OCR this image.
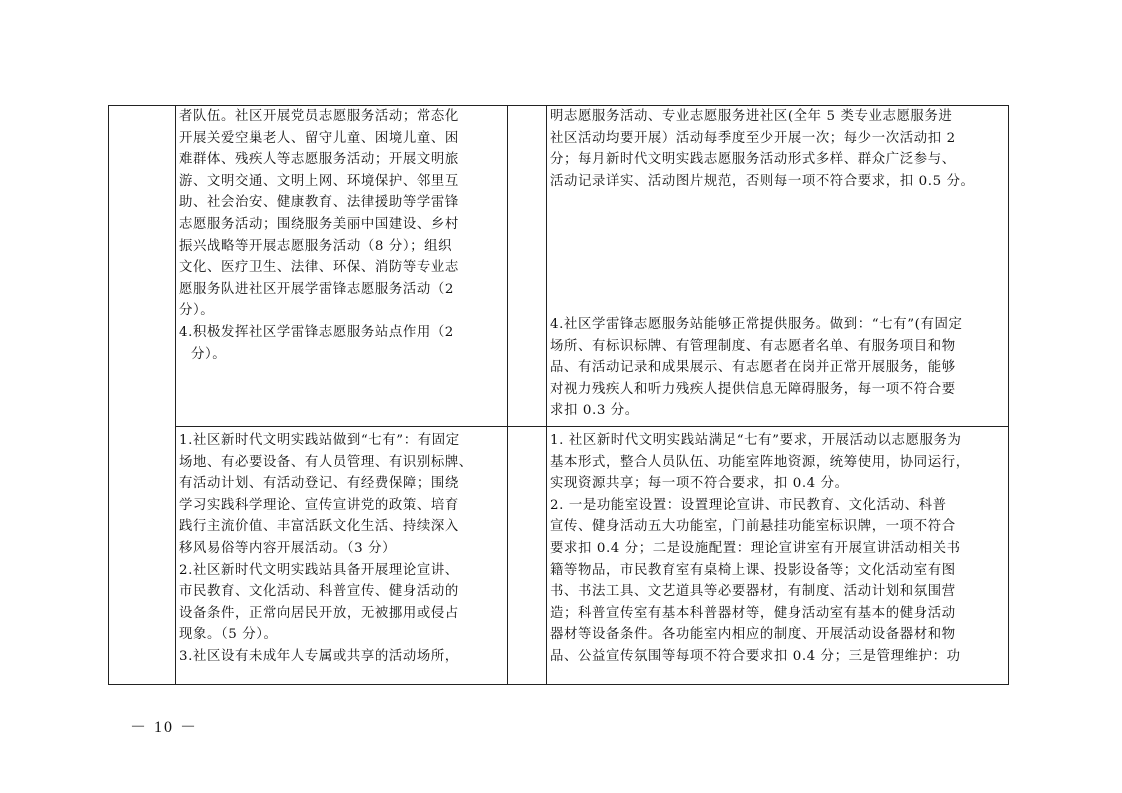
者队伍。社区开展党员志愿服务活动；常态化
开展关爱空巢老人、留守儿童、困境儿童、困
难群体、残疾人等志愿服务活动；开展文明旅
游、文明交通、文明上网、环境保护、邻里互
助、社会治安、健康教育、法律援助等学雷锋
志愿服务活动；围绕服务美丽中国建设、乡村
振兴战略等开展志愿服务活动（8 分）；组织
文化、医疗卫生、法律、环保、消防等专业志
愿服务队进社区开展学雷锋志愿服务活动（2
分）。
4.积极发挥社区学雷锋志愿服务站点作用（2
分）。
明志愿服务活动、专业志愿服务进社区(全年 5 类专业志愿服务进
社区活动均要开展）活动每季度至少开展一次；每少一次活动扣 2
分；每月新时代文明实践志愿服务活动形式多样、群众广泛参与、
活动记录详实、活动图片规范，否则每一项不符合要求，扣 0.5 分。
4.社区学雷锋志愿服务站能够正常提供服务。做到：“七有”(有固定
场所、有标识标牌、有管理制度、有志愿者名单、有服务项目和物
品、有活动记录和成果展示、有志愿者在岗并正常开展服务，能够
对视力残疾人和听力残疾人提供信息无障碍服务，每一项不符合要
求扣 0.3 分。
1.社区新时代文明实践站做到“七有”：有固定
场地、有必要设备、有人员管理、有识别标牌、
有活动计划、有活动登记、有经费保障；围绕
学习实践科学理论、宣传宣讲党的政策、培育
践行主流价值、丰富活跃文化生活、持续深入
移风易俗等内容开展活动。（3 分）
2.社区新时代文明实践站具备开展理论宣讲、
市民教育、文化活动、科普宣传、健身活动的
设备条件，正常向居民开放，无被挪用或侵占
现象。（5 分）。
3.社区设有未成年人专属或共享的活动场所，
1. 社区新时代文明实践站满足“七有”要求，开展活动以志愿服务为
基本形式，整合人员队伍、功能室阵地资源，统筹使用，协同运行，
实现资源共享；每一项不符合要求，扣 0.4 分。
2. 一是功能室设置：设置理论宣讲、市民教育、文化活动、科普
宣传、健身活动五大功能室，门前悬挂功能室标识牌，一项不符合
要求扣 0.4 分；二是设施配置：理论宣讲室有开展宣讲活动相关书
籍等物品，市民教育室有桌椅上课、投影设备等；文化活动室有图
书、书法工具、文艺道具等必要器材，有制度、活动计划和氛围营
造；科普宣传室有基本科普器材等，健身活动室有基本的健身活动
器材等设备条件。各功能室内相应的制度、开展活动设备器材和物
品、公益宣传氛围等每项不符合要求扣 0.4 分；三是管理维护：功
－ 10 －
